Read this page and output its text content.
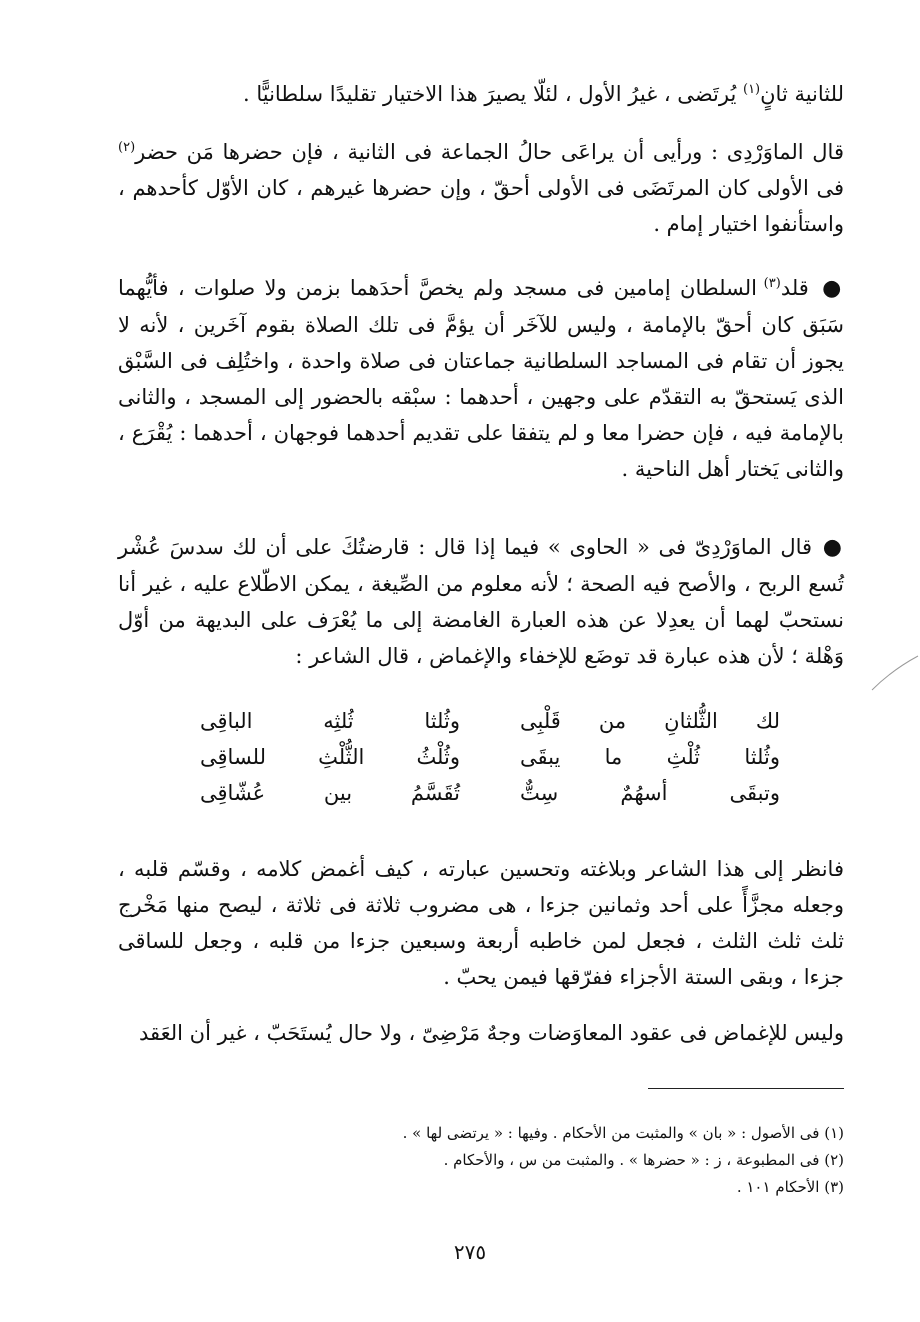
للثانية ثانٍ$^{(١)}$ يُرتَضى ، غيرُ الأول ، لئلّا يصيرَ هذا الاختيار تقليدًا سلطانيًّا .
قال الماوَرْدِى : ورأيى أن يراعَى حالُ الجماعة فى الثانية ، فإن حضرها مَن حضر$^{(٢)}$ فى الأولى كان المرتَضَى فى الأولى أحقّ ، وإن حضرها غيرهم ، كان الأوّل كأحدهم ، واستأنفوا اختيار إمام .
● قلد$^{(٣)}$ السلطان إمامين فى مسجد ولم يخصَّ أحدَهما بزمن ولا صلوات ، فأيُّهما سَبَق كان أحقّ بالإمامة ، وليس للآخَر أن يؤمَّ فى تلك الصلاة بقوم آخَرين ، لأنه لا يجوز أن تقام فى المساجد السلطانية جماعتان فى صلاة واحدة ، واختُلِف فى السَّبْق الذى يَستحقّ به التقدّم على وجهين ، أحدهما : سبْقه بالحضور إلى المسجد ، والثانى بالإمامة فيه ، فإن حضرا معا و لم يتفقا على تقديم أحدهما فوجهان ، أحدهما : يُقْرَع ، والثانى يَختار أهل الناحية .
● قال الماوَرْدِىّ فى « الحاوى » فيما إذا قال : قارضتُكَ على أن لك سدسَ عُشْر تُسع الربح ، والأصح فيه الصحة ؛ لأنه معلوم من الصِّيغة ، يمكن الاطّلاع عليه ، غير أنا نستحبّ لهما أن يعدِلا عن هذه العبارة الغامضة إلى ما يُعْرَف على البديهة من أوّل وَهْلة ؛ لأن هذه عبارة قد توضَع للإخفاء والإغماض ، قال الشاعر :
لك الثُّلثانِ من قَلْبِى
وثُلثا ثُلثِه الباقِى
وثُلثا ثُلْثِ ما يبقَى
وثُلْثُ الثُّلْثِ للساقِى
وتبقَى أسهُمٌ سِتٌّ
تُقَسَّمُ بين عُشّاقِى
فانظر إلى هذا الشاعر وبلاغته وتحسين عبارته ، كيف أغمض كلامه ، وقسّم قلبه ، وجعله مجزَّأً على أحد وثمانين جزءا ، هى مضروب ثلاثة فى ثلاثة ، ليصح منها مَخْرج ثلث ثلث الثلث ، فجعل لمن خاطبه أربعة وسبعين جزءا من قلبه ، وجعل للساقى جزءا ، وبقى الستة الأجزاء ففرّقها فيمن يحبّ .
وليس للإغماض فى عقود المعاوَضات وجهٌ مَرْضِىّ ، ولا حال يُستَحَبّ ، غير أن العَقد
(١) فى الأصول : « بان » والمثبت من الأحكام . وفيها : « يرتضى لها » .
(٢) فى المطبوعة ، ز : « حضرها » . والمثبت من س ، والأحكام .
(٣) الأحكام ١٠١ .
٢٧٥
